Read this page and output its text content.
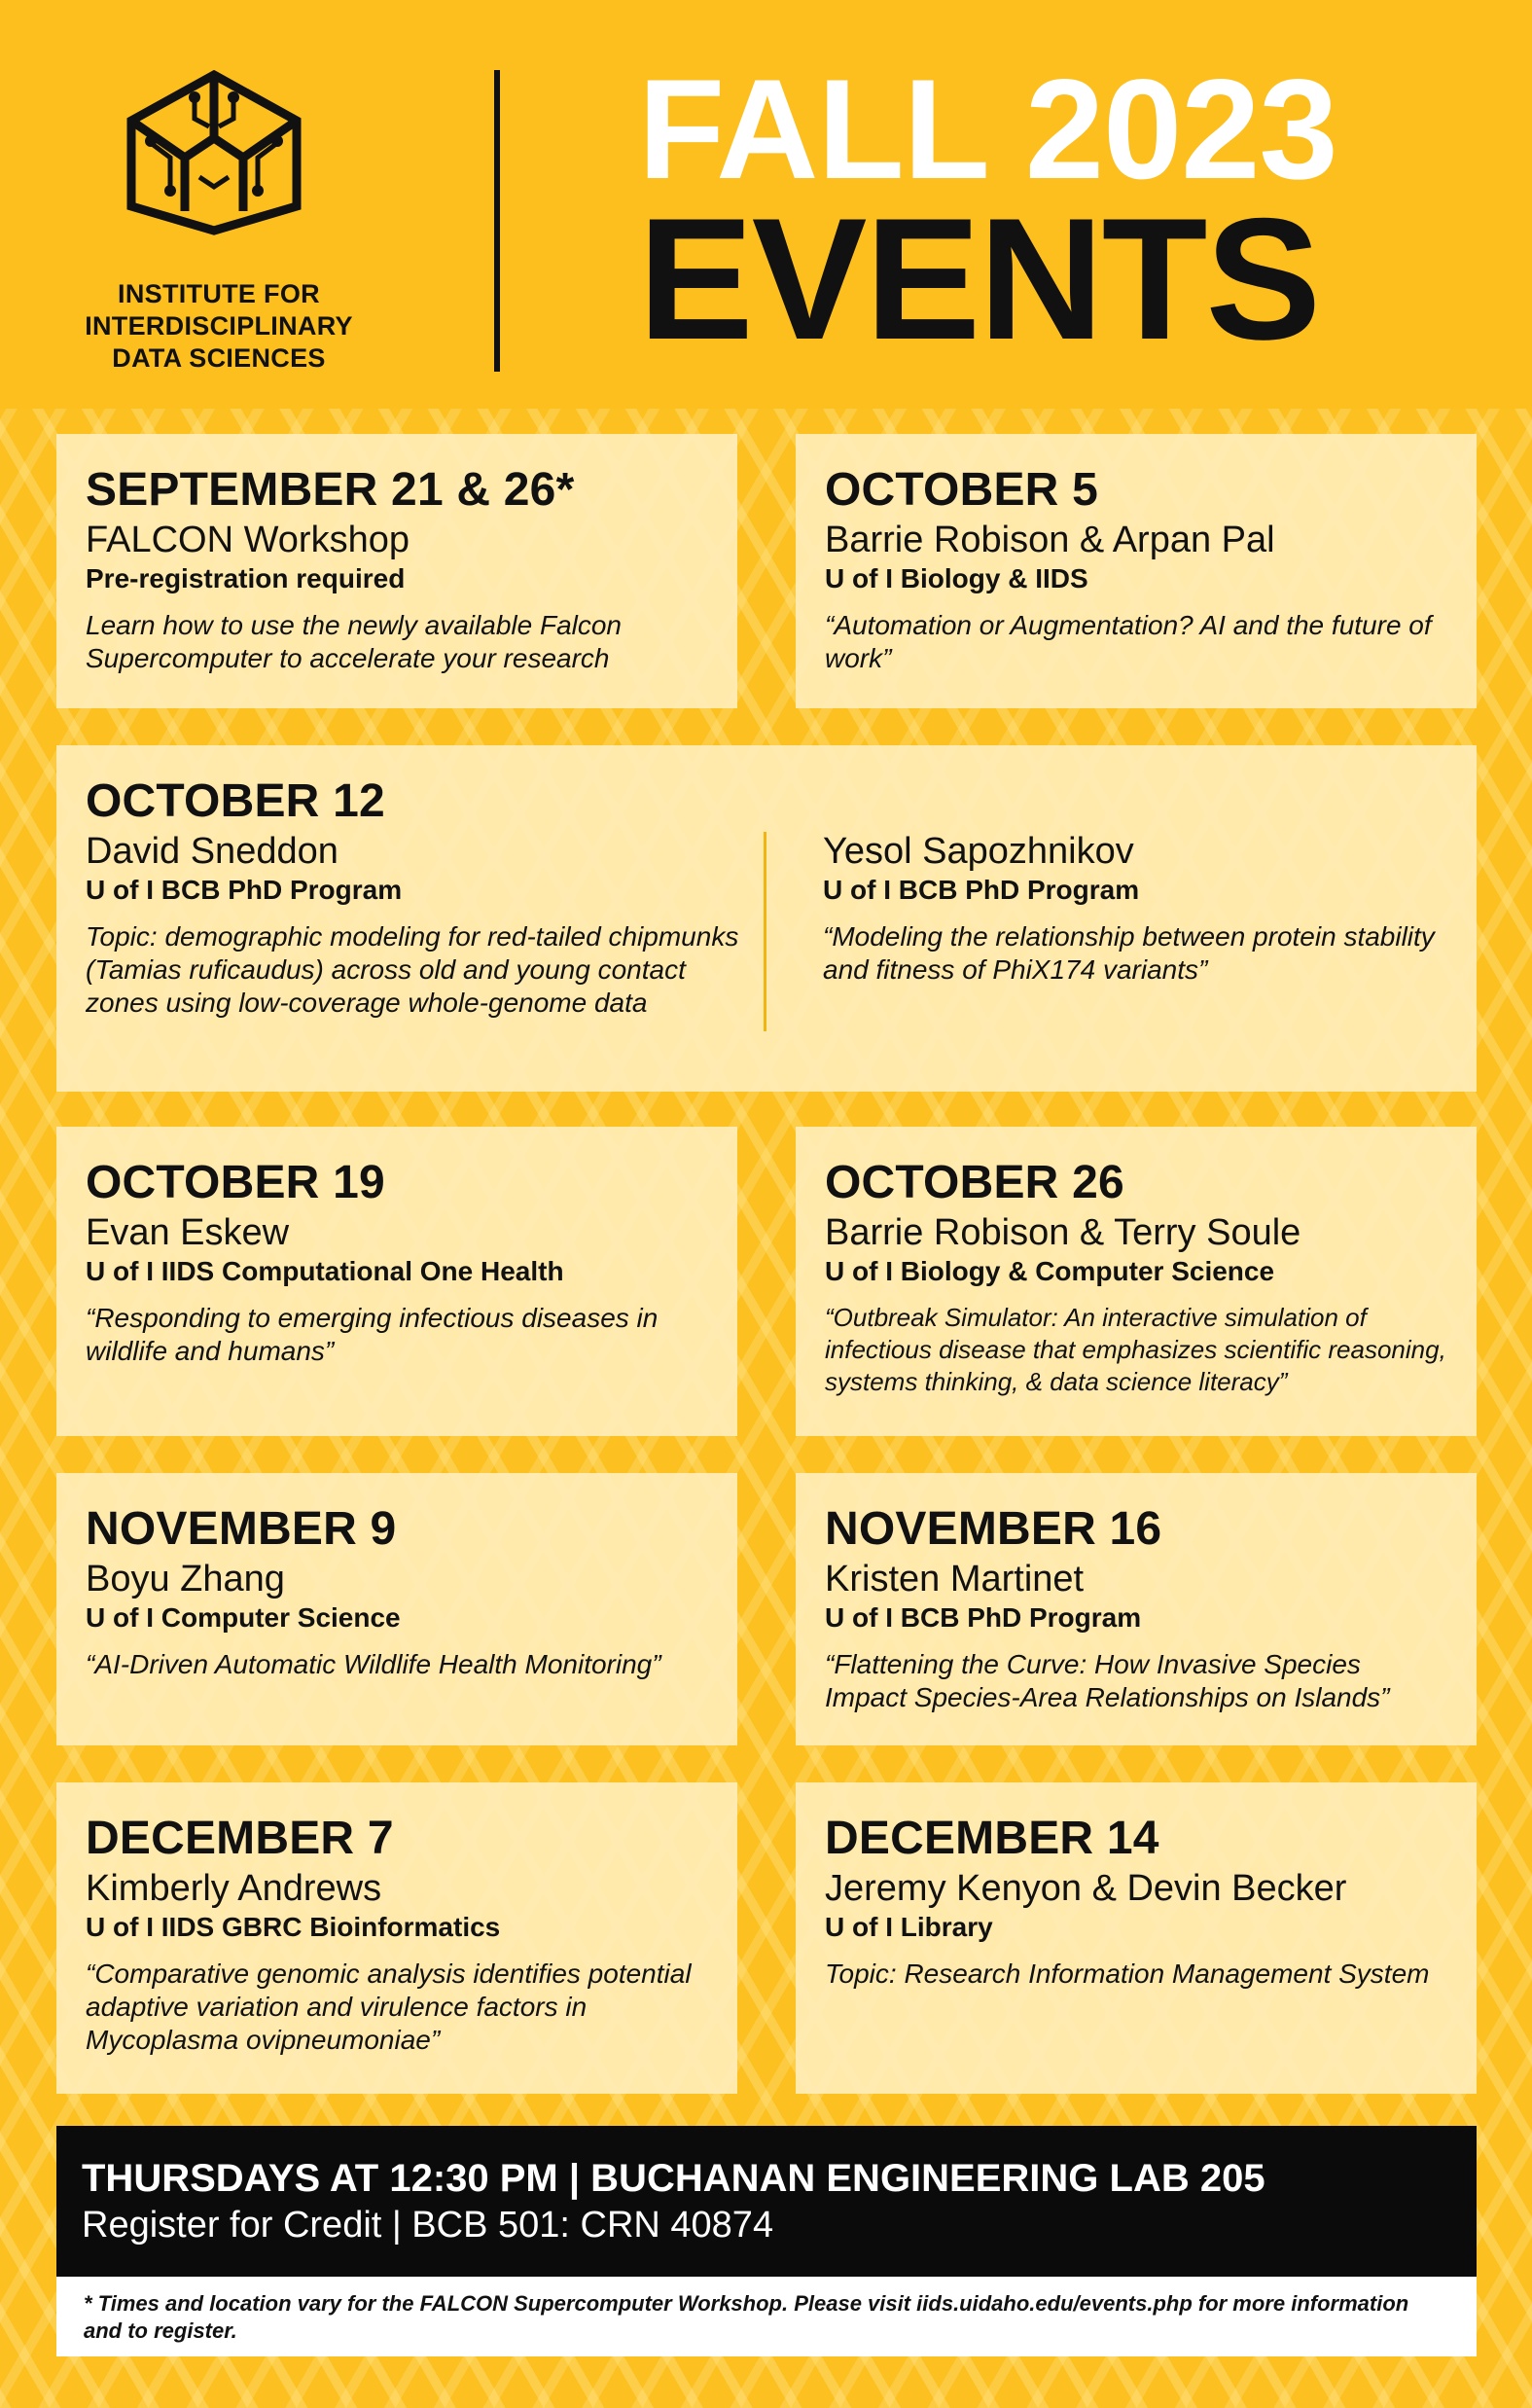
INSTITUTE FOR
INTERDISCIPLINARY
DATA SCIENCES
FALL 2023
EVENTS
SEPTEMBER 21 & 26*
FALCON Workshop
Pre-registration required
Learn how to use the newly available Falcon Supercomputer to accelerate your research
OCTOBER 5
Barrie Robison & Arpan Pal
U of I Biology & IIDS
“Automation or Augmentation? AI and the future of work”
OCTOBER 12
David Sneddon
U of I BCB PhD Program
Topic: demographic modeling for red-tailed chipmunks (Tamias ruficaudus) across old and young contact zones using low-coverage whole-genome data
Yesol Sapozhnikov
U of I BCB PhD Program
“Modeling the relationship between protein stability and fitness of PhiX174 variants”
OCTOBER 19
Evan Eskew
U of I IIDS Computational One Health
“Responding to emerging infectious diseases in wildlife and humans”
OCTOBER 26
Barrie Robison & Terry Soule
U of I Biology & Computer Science
“Outbreak Simulator: An interactive simulation of infectious disease that emphasizes scientific reasoning, systems thinking, & data science literacy”
NOVEMBER 9
Boyu Zhang
U of I Computer Science
“AI-Driven Automatic Wildlife Health Monitoring”
NOVEMBER 16
Kristen Martinet
U of I BCB PhD Program
“Flattening the Curve: How Invasive Species Impact Species-Area Relationships on Islands”
DECEMBER 7
Kimberly Andrews
U of I IIDS GBRC Bioinformatics
“Comparative genomic analysis identifies potential adaptive variation and virulence factors in Mycoplasma ovipneumoniae”
DECEMBER 14
Jeremy Kenyon & Devin Becker
U of I Library
Topic: Research Information Management System
THURSDAYS AT 12:30 PM | BUCHANAN ENGINEERING LAB 205
Register for Credit | BCB 501: CRN 40874
* Times and location vary for the FALCON Supercomputer Workshop. Please visit iids.uidaho.edu/events.php for more information and to register.
